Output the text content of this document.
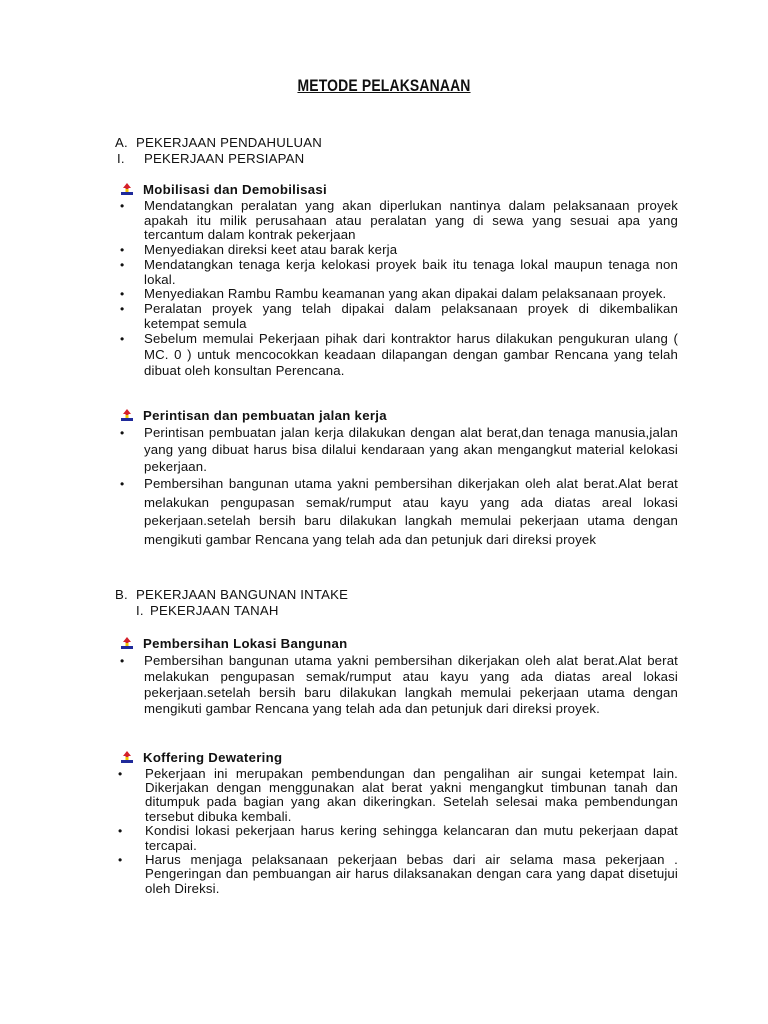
METODE PELAKSANAAN
A. PEKERJAAN PENDAHULUAN
I. PEKERJAAN PERSIAPAN
Mobilisasi dan Demobilisasi
• Mendatangkan peralatan yang akan diperlukan nantinya dalam pelaksanaan proyek apakah itu milik perusahaan atau peralatan yang di sewa yang sesuai apa yang tercantum dalam kontrak pekerjaan
• Menyediakan direksi keet atau barak kerja
• Mendatangkan tenaga kerja kelokasi proyek baik itu tenaga lokal maupun tenaga non lokal.
• Menyediakan Rambu Rambu keamanan yang akan dipakai dalam pelaksanaan proyek.
• Peralatan proyek yang telah dipakai dalam pelaksanaan proyek di dikembalikan ketempat semula
• Sebelum memulai Pekerjaan pihak dari kontraktor harus dilakukan pengukuran ulang ( MC. 0 ) untuk mencocokkan keadaan dilapangan dengan gambar Rencana yang telah dibuat oleh konsultan Perencana.
Perintisan dan pembuatan jalan kerja
• Perintisan pembuatan jalan kerja dilakukan dengan alat berat,dan tenaga manusia,jalan yang yang dibuat harus bisa dilalui kendaraan yang akan mengangkut material kelokasi pekerjaan.
• Pembersihan bangunan utama yakni pembersihan dikerjakan oleh alat berat.Alat berat melakukan pengupasan semak/rumput atau kayu yang ada diatas areal lokasi pekerjaan.setelah bersih baru dilakukan langkah memulai pekerjaan utama dengan mengikuti gambar Rencana yang telah ada dan petunjuk dari direksi proyek
B. PEKERJAAN BANGUNAN INTAKE
I. PEKERJAAN TANAH
Pembersihan Lokasi Bangunan
• Pembersihan bangunan utama yakni pembersihan dikerjakan oleh alat berat.Alat berat melakukan pengupasan semak/rumput atau kayu yang ada diatas areal lokasi pekerjaan.setelah bersih baru dilakukan langkah memulai pekerjaan utama dengan mengikuti gambar Rencana yang telah ada dan petunjuk dari direksi proyek.
Koffering Dewatering
• Pekerjaan ini merupakan pembendungan dan pengalihan air sungai ketempat lain. Dikerjakan dengan menggunakan alat berat yakni mengangkut timbunan tanah dan ditumpuk pada bagian yang akan dikeringkan. Setelah selesai maka pembendungan tersebut dibuka kembali.
• Kondisi lokasi pekerjaan harus kering sehingga kelancaran dan mutu pekerjaan dapat tercapai.
• Harus menjaga pelaksanaan pekerjaan bebas dari air selama masa pekerjaan . Pengeringan dan pembuangan air harus dilaksanakan dengan cara yang dapat disetujui oleh Direksi.
